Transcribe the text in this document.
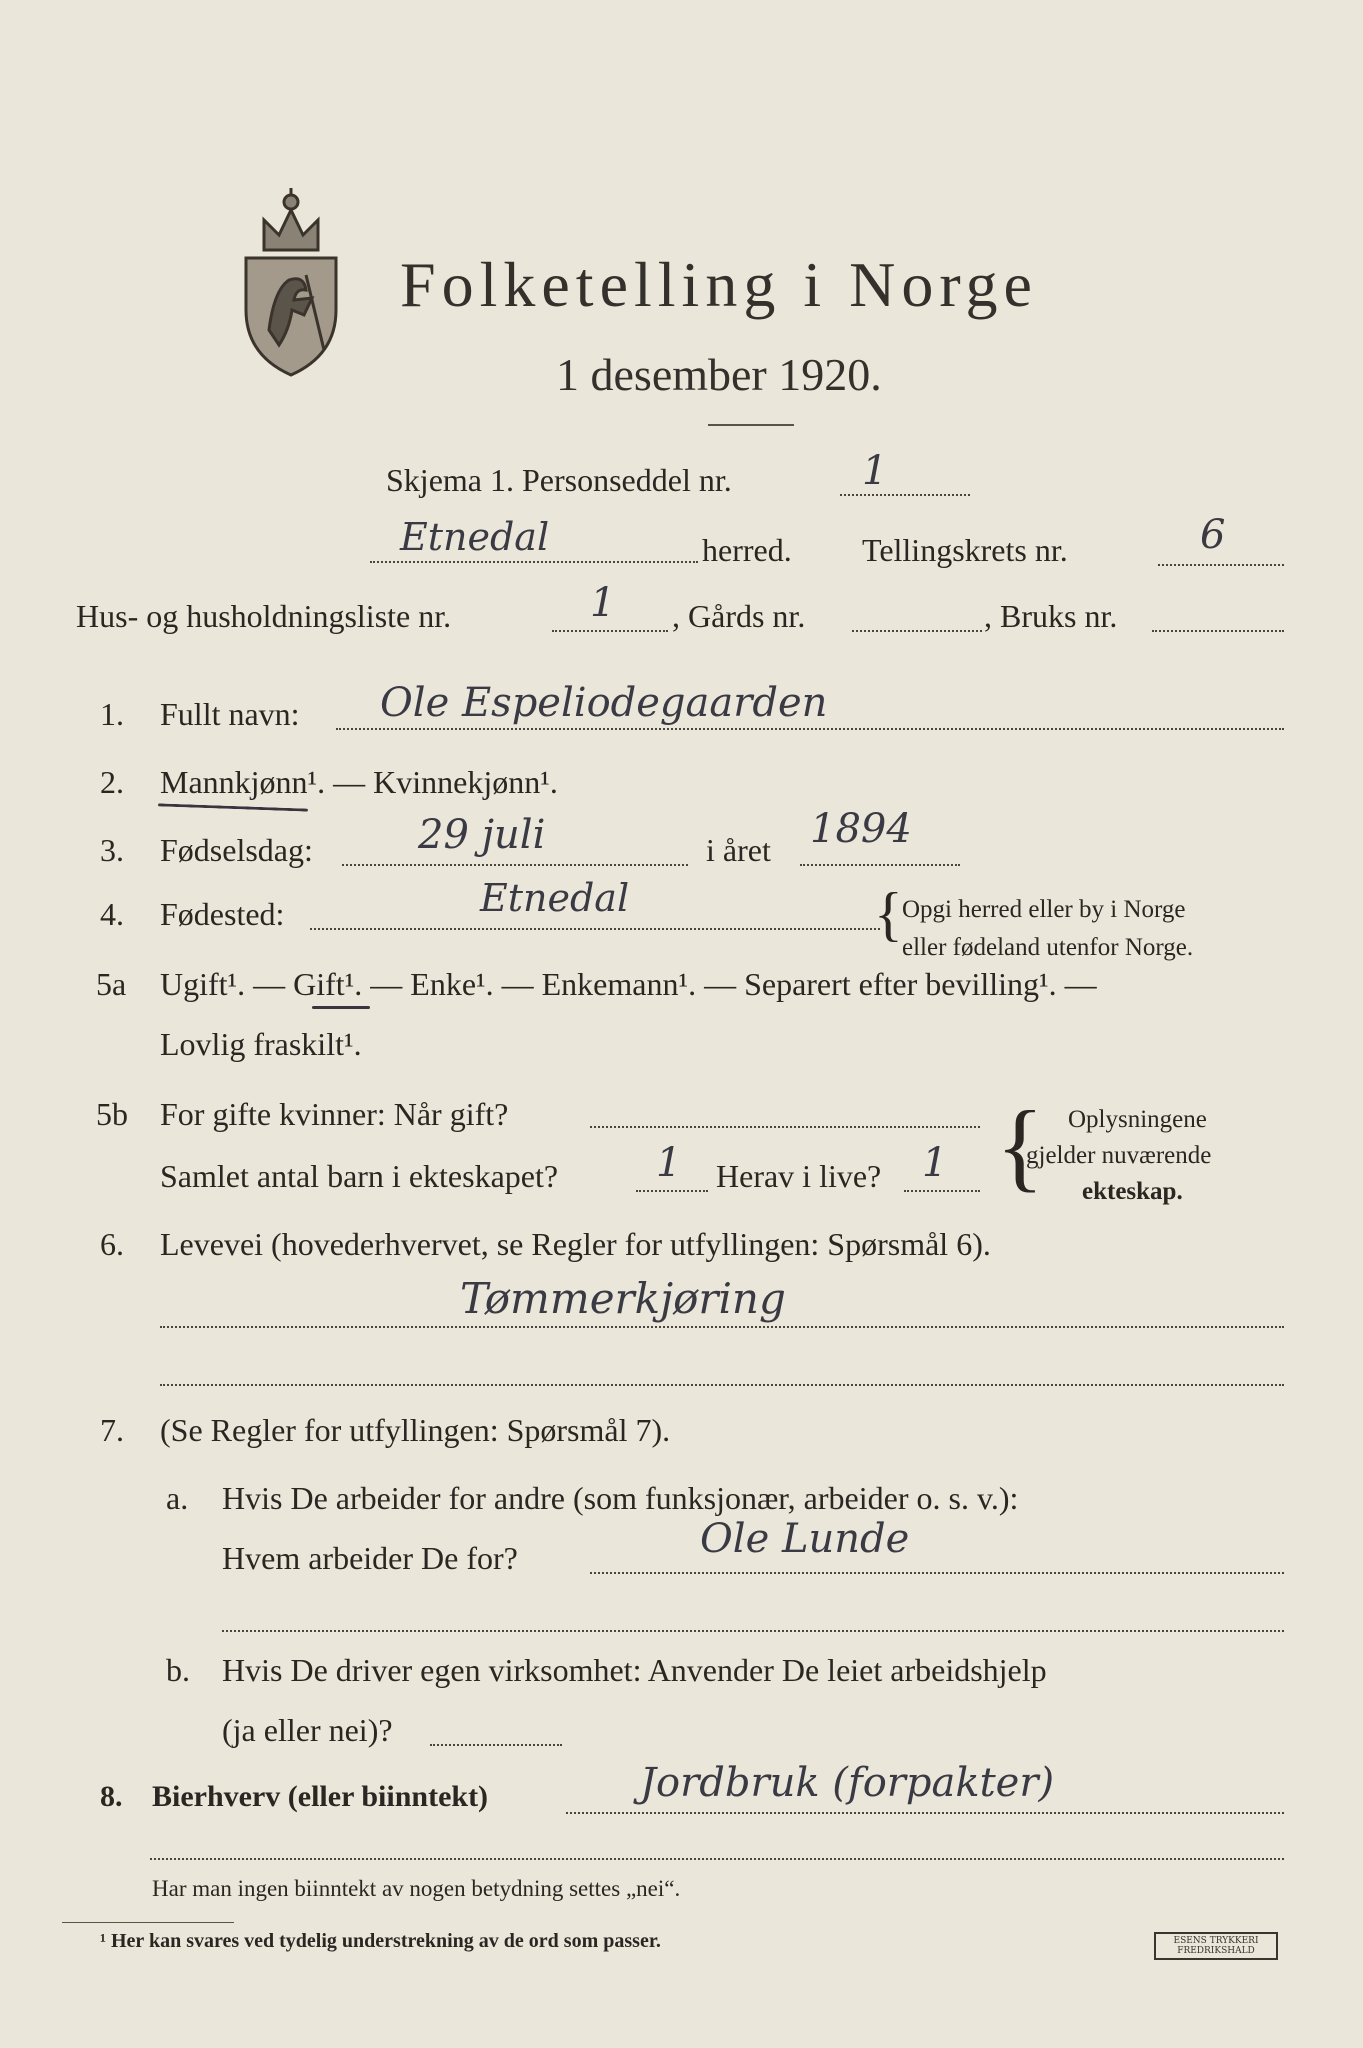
Folketelling i Norge
1 desember 1920.
Skjema 1. Personseddel nr.	1
Etnedal	herred. Tellingskrets nr.	6
Hus- og husholdningsliste nr.	1 , Gårds nr.	, Bruks nr.
1. Fullt navn: Ole Espeliodegaarden
2. Mannkjønn¹. — Kvinnekjønn¹.
3. Fødselsdag:	29 juli	i året 1894
4. Fødested:	Etnedal	{ Opgi herred eller by i Norge
eller fødeland utenfor Norge.
5a Ugift¹. — Gift¹. — Enke¹. — Enkemann¹. — Separert efter bevilling¹. —
Lovlig fraskilt¹.
5b For gifte kvinner: Når gift?
Samlet antal barn i ekteskapet? 1 Herav i live? 1 { Oplysningene
gjelder nuværende
ekteskap.
6. Levevei (hovederhvervet, se Regler for utfyllingen: Spørsmål 6).
Tømmerkjøring
7. (Se Regler for utfyllingen: Spørsmål 7).
a. Hvis De arbeider for andre (som funksjonær, arbeider o. s. v.):
Hvem arbeider De for?	Ole Lunde
b. Hvis De driver egen virksomhet: Anvender De leiet arbeidshjelp
(ja eller nei)?
8. Bierhverv (eller biinntekt)	Jordbruk (forpakter)
Har man ingen biinntekt av nogen betydning settes „nei“.
¹ Her kan svares ved tydelig understrekning av de ord som passer.	ESENS TRYKKERI
FREDRIKSHALD
